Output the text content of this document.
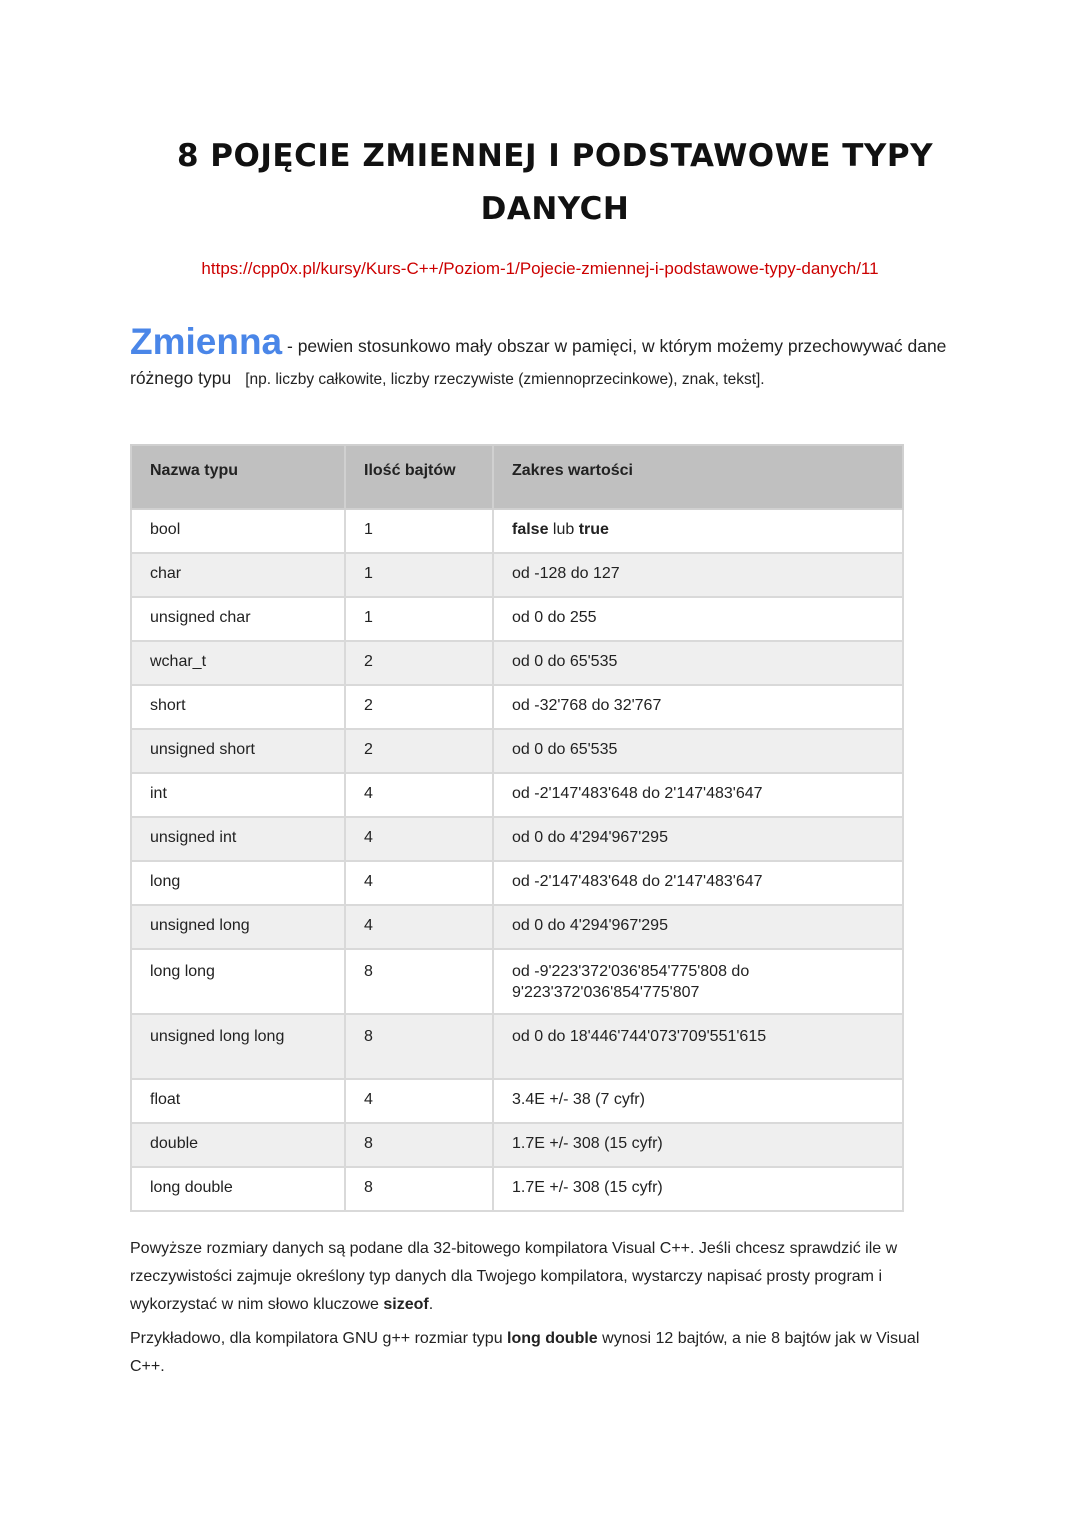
8 POJĘCIE ZMIENNEJ I PODSTAWOWE TYPY DANYCH
https://cpp0x.pl/kursy/Kurs-C++/Poziom-1/Pojecie-zmiennej-i-podstawowe-typy-danych/11
Zmienna - pewien stosunkowo mały obszar w pamięci, w którym możemy przechowywać dane różnego typu [np. liczby całkowite, liczby rzeczywiste (zmiennoprzecinkowe), znak, tekst].
Nazwa typu	Ilość bajtów	Zakres wartości
bool	1	false lub true
char	1	od -128 do 127
unsigned char	1	od 0 do 255
wchar_t	2	od 0 do 65'535
short	2	od -32'768 do 32'767
unsigned short	2	od 0 do 65'535
int	4	od -2'147'483'648 do 2'147'483'647
unsigned int	4	od 0 do 4'294'967'295
long	4	od -2'147'483'648 do 2'147'483'647
unsigned long	4	od 0 do 4'294'967'295
long long	8	od -9'223'372'036'854'775'808 do 9'223'372'036'854'775'807
unsigned long long	8	od 0 do 18'446'744'073'709'551'615
float	4	3.4E +/- 38 (7 cyfr)
double	8	1.7E +/- 308 (15 cyfr)
long double	8	1.7E +/- 308 (15 cyfr)

Powyższe rozmiary danych są podane dla 32-bitowego kompilatora Visual C++. Jeśli chcesz sprawdzić ile w rzeczywistości zajmuje określony typ danych dla Twojego kompilatora, wystarczy napisać prosty program i wykorzystać w nim słowo kluczowe sizeof.

Przykładowo, dla kompilatora GNU g++ rozmiar typu long double wynosi 12 bajtów, a nie 8 bajtów jak w Visual C++.
